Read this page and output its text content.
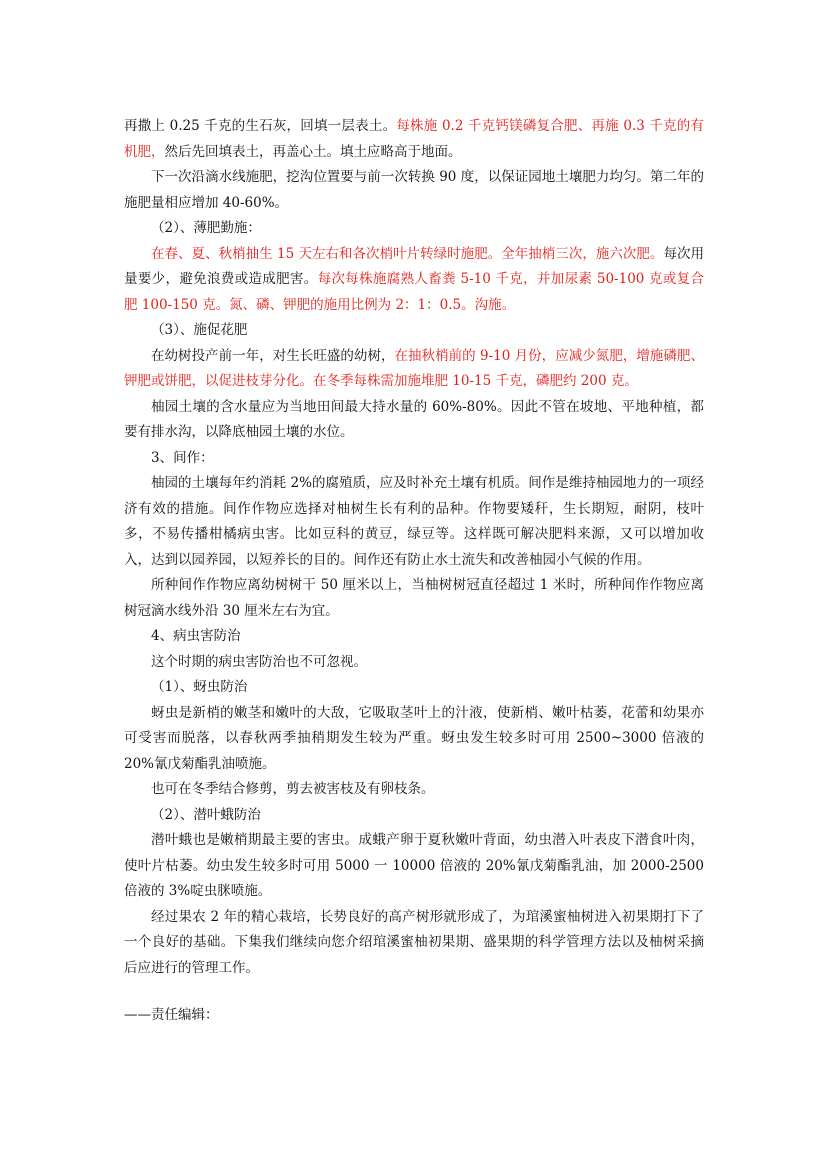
再撒上 0.25 千克的生石灰，回填一层表土。每株施 0.2 千克钙镁磷复合肥、再施 0.3 千克的有机肥，然后先回填表土，再盖心土。填土应略高于地面。

下一次沿滴水线施肥，挖沟位置要与前一次转换 90 度，以保证园地土壤肥力均匀。第二年的施肥量相应增加 40-60%。

（2）、薄肥勤施：

在春、夏、秋梢抽生 15 天左右和各次梢叶片转绿时施肥。全年抽梢三次，施六次肥。每次用量要少，避免浪费或造成肥害。每次每株施腐熟人畜粪 5-10 千克，并加尿素 50-100 克或复合肥 100-150 克。氮、磷、钾肥的施用比例为 2：1：0.5。沟施。

（3）、施促花肥

在幼树投产前一年，对生长旺盛的幼树，在抽秋梢前的 9-10 月份，应减少氮肥，增施磷肥、钾肥或饼肥，以促进枝芽分化。在冬季每株需加施堆肥 10-15 千克，磷肥约 200 克。

柚园土壤的含水量应为当地田间最大持水量的 60%-80%。因此不管在坡地、平地种植，都要有排水沟，以降底柚园土壤的水位。

3、间作：

柚园的土壤每年约消耗 2%的腐殖质，应及时补充土壤有机质。间作是维持柚园地力的一项经济有效的措施。间作作物应选择对柚树生长有利的品种。作物要矮秆，生长期短，耐阴，枝叶多，不易传播柑橘病虫害。比如豆科的黄豆，绿豆等。这样既可解决肥料来源，又可以增加收入，达到以园养园，以短养长的目的。间作还有防止水土流失和改善柚园小气候的作用。

所种间作作物应离幼树树干 50 厘米以上，当柚树树冠直径超过 1 米时，所种间作作物应离树冠滴水线外沿 30 厘米左右为宜。

4、病虫害防治

这个时期的病虫害防治也不可忽视。

（1）、蚜虫防治

蚜虫是新梢的嫩茎和嫩叶的大敌，它吸取茎叶上的汁液，使新梢、嫩叶枯萎，花蕾和幼果亦可受害而脱落，以春秋两季抽稍期发生较为严重。蚜虫发生较多时可用 2500~3000 倍液的 20%氰戊菊酯乳油喷施。

也可在冬季结合修剪，剪去被害枝及有卵枝条。

（2）、潜叶蛾防治

潜叶蛾也是嫩梢期最主要的害虫。成蛾产卵于夏秋嫩叶背面，幼虫潜入叶表皮下潜食叶肉，使叶片枯萎。幼虫发生较多时可用 5000 一 10000 倍液的 20%氰戊菊酯乳油，加 2000-2500 倍液的 3%啶虫脒喷施。

经过果农 2 年的精心栽培，长势良好的高产树形就形成了，为琯溪蜜柚树进入初果期打下了一个良好的基础。下集我们继续向您介绍琯溪蜜柚初果期、盛果期的科学管理方法以及柚树采摘后应进行的管理工作。

——责任编辑：
